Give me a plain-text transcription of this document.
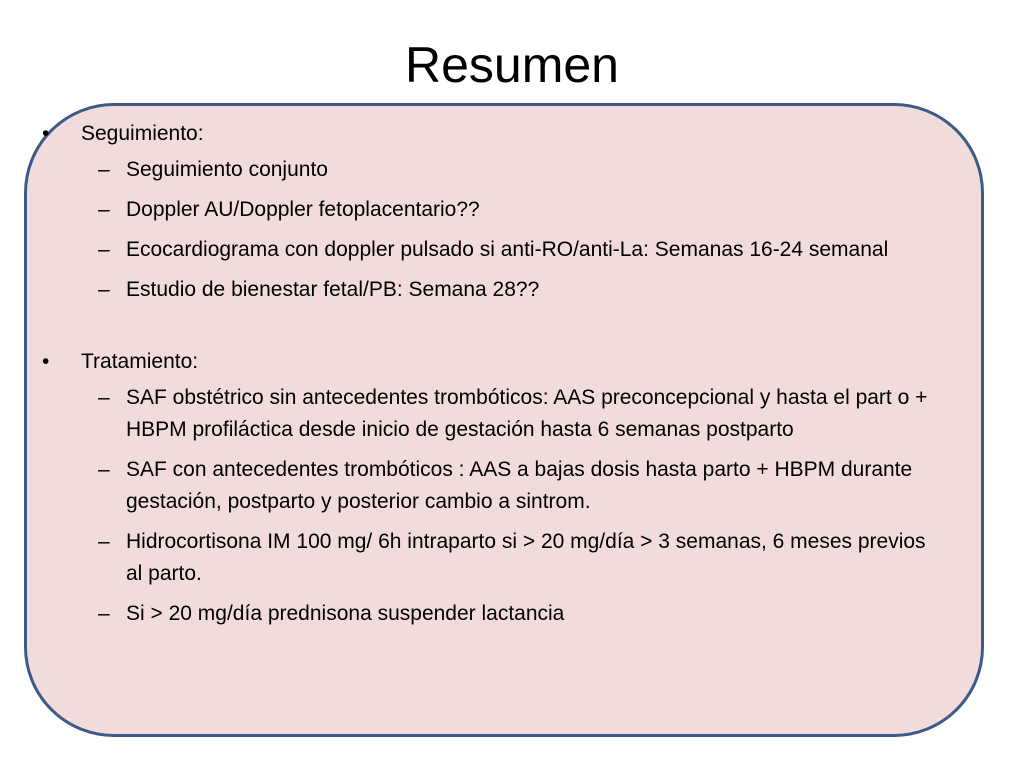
Resumen

• Seguimiento:

– Seguimiento conjunto
– Doppler AU/Doppler fetoplacentario??
– Ecocardiograma con doppler pulsado si anti-RO/anti-La: Semanas 16-24 semanal
– Estudio de bienestar fetal/PB: Semana 28??

• Tratamiento:

– SAF obstétrico sin antecedentes trombóticos: AAS preconcepcional y hasta el part o + HBPM profiláctica desde inicio de gestación hasta 6 semanas postparto
– SAF con antecedentes trombóticos : AAS a bajas dosis hasta parto + HBPM durante gestación, postparto y posterior cambio a sintrom.
– Hidrocortisona IM 100 mg/ 6h intraparto si > 20 mg/día > 3 semanas, 6 meses previos al parto.
– Si > 20 mg/día prednisona suspender lactancia
